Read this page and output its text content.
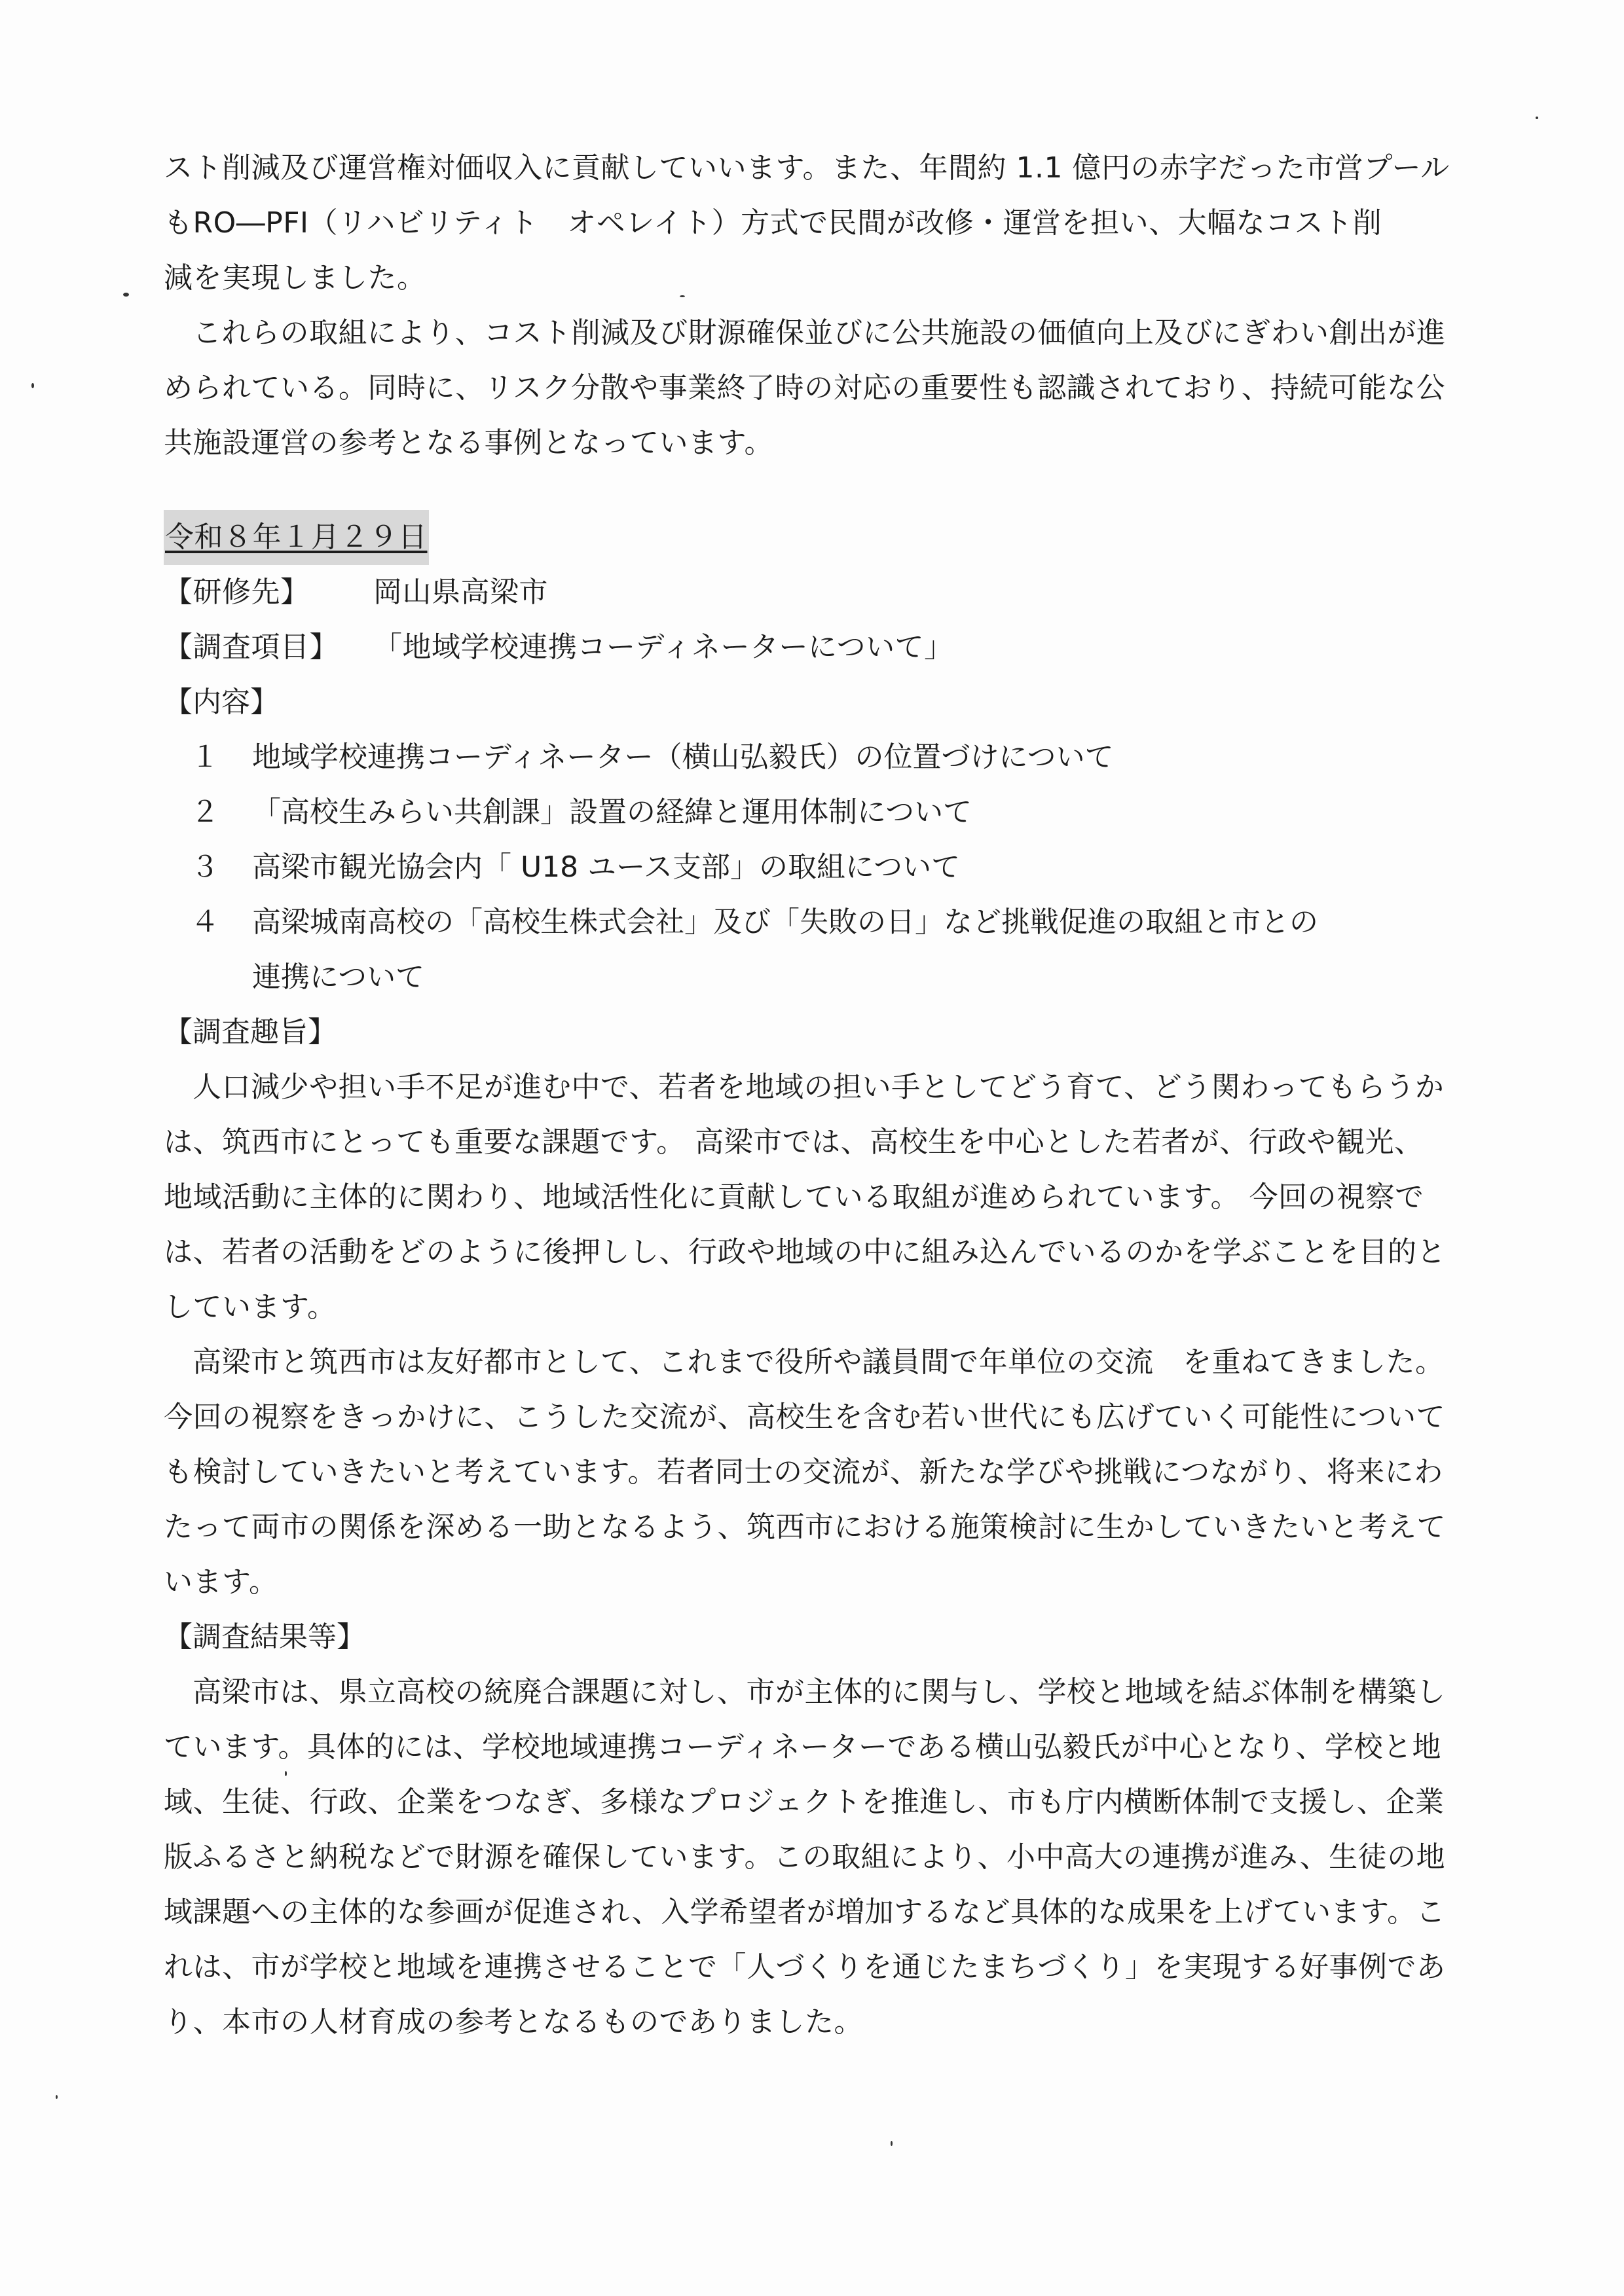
スト削減及び運営権対価収入に貢献していいます。また、年間約 1.1 億円の赤字だった市営プール
もRO―PFI（リハビリティト　オペレイト）方式で民間が改修・運営を担い、大幅なコスト削
減を実現しました。
これらの取組により、コスト削減及び財源確保並びに公共施設の価値向上及びにぎわい創出が進
められている。同時に、リスク分散や事業終了時の対応の重要性も認識されており、持続可能な公
共施設運営の参考となる事例となっています。
令和８年１月２９日
【研修先】	岡山県高梁市
【調査項目】	「地域学校連携コーディネーターについて」
【内容】
１	地域学校連携コーディネーター（横山弘毅氏）の位置づけについて
２	「高校生みらい共創課」設置の経緯と運用体制について
３	高梁市観光協会内「 U18 ユース支部」の取組について
４	高梁城南高校の「高校生株式会社」及び「失敗の日」など挑戦促進の取組と市との
連携について
【調査趣旨】
人口減少や担い手不足が進む中で、若者を地域の担い手としてどう育て、どう関わってもらうか
は、筑西市にとっても重要な課題です。 高梁市では、高校生を中心とした若者が、行政や観光、
地域活動に主体的に関わり、地域活性化に貢献している取組が進められています。 今回の視察で
は、若者の活動をどのように後押しし、行政や地域の中に組み込んでいるのかを学ぶことを目的と
しています。
高梁市と筑西市は友好都市として、これまで役所や議員間で年単位の交流　を重ねてきました。
今回の視察をきっかけに、こうした交流が、高校生を含む若い世代にも広げていく可能性について
も検討していきたいと考えています。若者同士の交流が、新たな学びや挑戦につながり、将来にわ
たって両市の関係を深める一助となるよう、筑西市における施策検討に生かしていきたいと考えて
います。
【調査結果等】
高梁市は、県立高校の統廃合課題に対し、市が主体的に関与し、学校と地域を結ぶ体制を構築し
ています。具体的には、学校地域連携コーディネーターである横山弘毅氏が中心となり、学校と地
域、生徒、行政、企業をつなぎ、多様なプロジェクトを推進し、市も庁内横断体制で支援し、企業
版ふるさと納税などで財源を確保しています。この取組により、小中高大の連携が進み、生徒の地
域課題への主体的な参画が促進され、入学希望者が増加するなど具体的な成果を上げています。こ
れは、市が学校と地域を連携させることで「人づくりを通じたまちづくり」を実現する好事例であ
り、本市の人材育成の参考となるものでありました。
